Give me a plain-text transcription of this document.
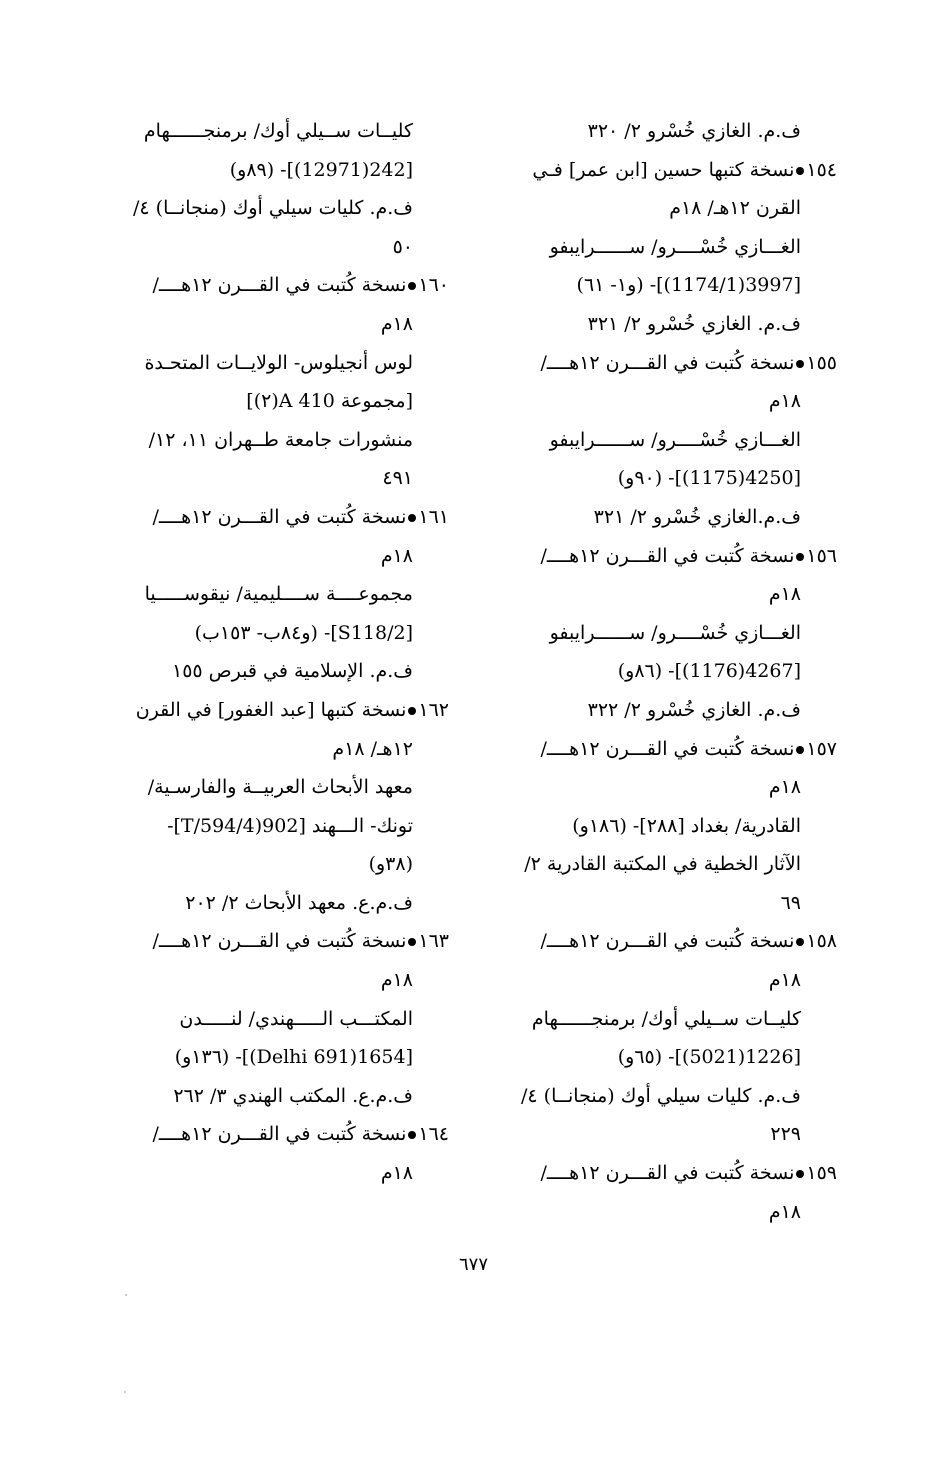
ف.م. الغازي خُسْرو ٢/ ٣٢٠
١٥٤نسخة كتبها حسين [ابن عمر] فـي
القرن ١٢هـ/ ١٨م
الغـــازي خُسْــــرو/ ســــــرايبفو
[3997(1174/1)]- (و١- ٦١)
ف.م. الغازي خُسْرو ٢/ ٣٢١
١٥٥نسخة كُتبت في القـــرن ١٢هــــ/
١٨م
الغـــازي خُسْــــرو/ ســــــرايبفو
[4250(1175)]- (٩٠و)
ف.م.الغازي خُسْرو ٢/ ٣٢١
١٥٦نسخة كُتبت في القـــرن ١٢هــــ/
١٨م
الغـــازي خُسْــــرو/ ســــــرايبفو
[4267(1176)]- (٨٦و)
ف.م. الغازي خُسْرو ٢/ ٣٢٢
١٥٧نسخة كُتبت في القـــرن ١٢هــــ/
١٨م
القادرية/ بغداد [٢٨٨]- (١٨٦و)
الآثار الخطية في المكتبة القادرية ٢/
٦٩
١٥٨نسخة كُتبت في القـــرن ١٢هــــ/
١٨م
كليــات ســيلي أوك/ برمنجــــــهام
[1226(5021)]- (٦٥و)
ف.م. كليات سيلي أوك (منجانــا) ٤/
٢٢٩
١٥٩نسخة كُتبت في القـــرن ١٢هــــ/
١٨م
كليــات ســيلي أوك/ برمنجــــــهام
[242(12971)]- (٨٩و)
ف.م. كليات سيلي أوك (منجانــا) ٤/
٥٠
١٦٠نسخة كُتبت في القـــرن ١٢هــــ/
١٨م
لوس أنجيلوس- الولايــات المتحـدة
[مجموعة A 410(٢)]
منشورات جامعة طــهران ١١، ١٢/
٤٩١
١٦١نسخة كُتبت في القـــرن ١٢هــــ/
١٨م
مجموعــــة ســــليمية/ نيقوســـــيا
[S118/2]- (و٨٤ب- ١٥٣ب)
ف.م. الإسلامية في قبرص ١٥٥
١٦٢نسخة كتبها [عبد الغفور] في القرن
١٢هـ/ ١٨م
معهد الأبحاث العربيــة والفارسـية/
تونك- الـــهند [902(T/594/4]-
(٣٨و)
ف.م.ع. معهد الأبحاث ٢/ ٢٠٢
١٦٣نسخة كُتبت في القـــرن ١٢هــــ/
١٨م
المكتـــب الـــــهندي/ لنـــــدن
[1654(Delhi 691)]- (١٣٦و)
ف.م.ع. المكتب الهندي ٣/ ٢٦٢
١٦٤نسخة كُتبت في القـــرن ١٢هــــ/
١٨م
٦٧٧
